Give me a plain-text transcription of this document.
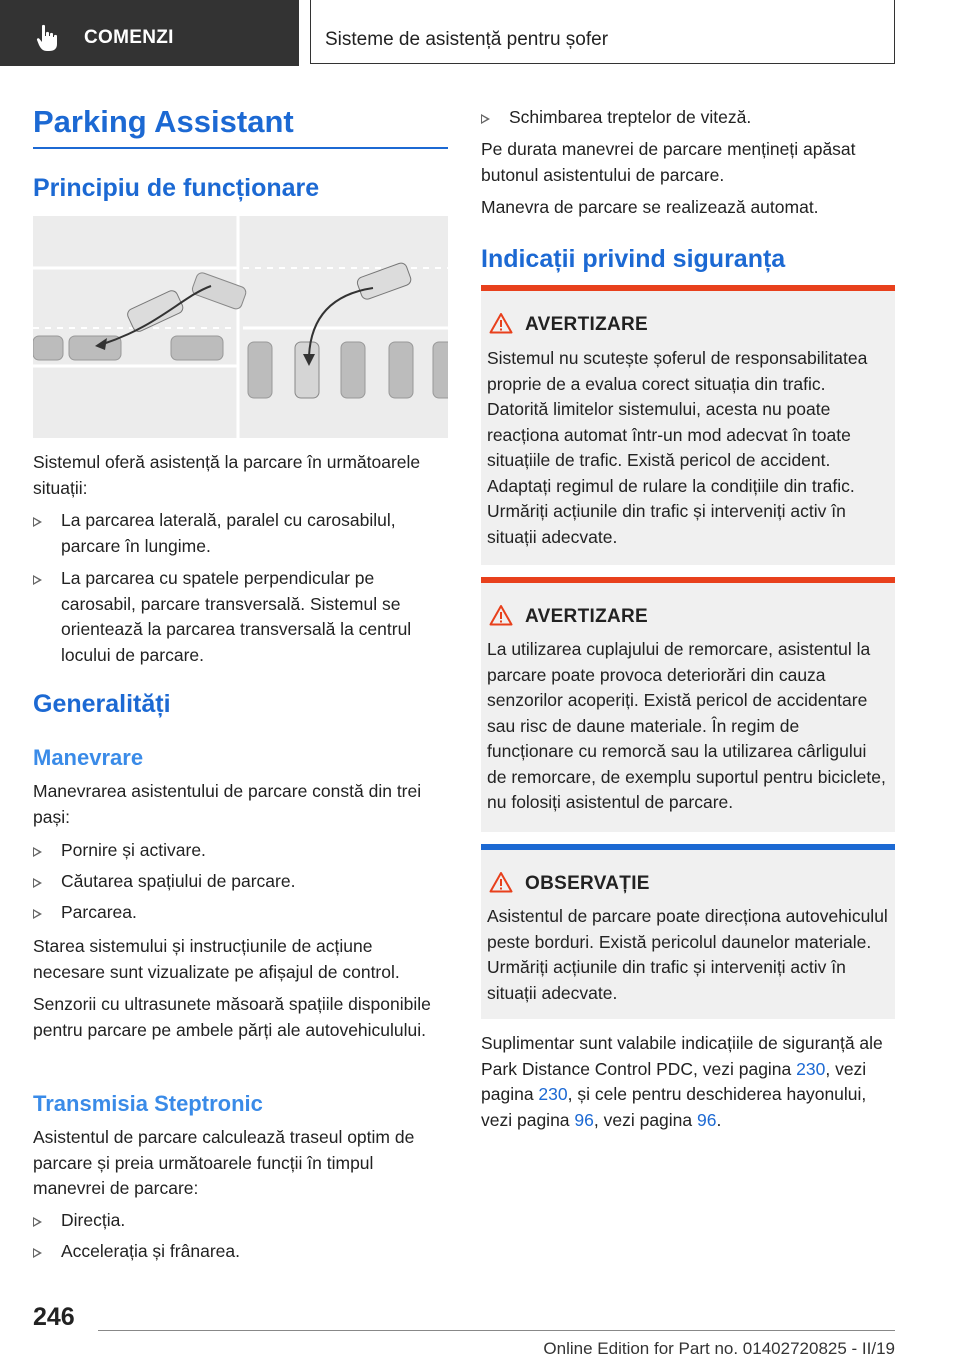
COMENZI	Sisteme de asistență pentru șofer
Parking Assistant
Principiu de funcționare
Sistemul oferă asistență la parcare în următoarele situații:
La parcarea laterală, paralel cu carosabilul, parcare în lungime.
La parcarea cu spatele perpendicular pe carosabil, parcare transversală. Sistemul se orientează la parcarea transversală la centrul locului de parcare.
Generalități
Manevrare
Manevrarea asistentului de parcare constă din trei pași:
Pornire și activare.
Căutarea spațiului de parcare.
Parcarea.
Starea sistemului și instrucțiunile de acțiune necesare sunt vizualizate pe afișajul de control.
Senzorii cu ultrasunete măsoară spațiile disponibile pentru parcare pe ambele părți ale autovehiculului.
Transmisia Steptronic
Asistentul de parcare calculează traseul optim de parcare și preia următoarele funcții în timpul manevrei de parcare:
Direcția.
Accelerația și frânarea.
Schimbarea treptelor de viteză.
Pe durata manevrei de parcare mențineți apăsat butonul asistentului de parcare.
Manevra de parcare se realizează automat.
Indicații privind siguranța
AVERTIZARE
Sistemul nu scutește șoferul de responsabilitatea proprie de a evalua corect situația din trafic. Datorită limitelor sistemului, acesta nu poate reacționa automat într-un mod adecvat în toate situațiile de trafic. Există pericol de accident. Adaptați regimul de rulare la condițiile din trafic. Urmăriți acțiunile din trafic și interveniți activ în situații adecvate.
AVERTIZARE
La utilizarea cuplajului de remorcare, asistentul la parcare poate provoca deteriorări din cauza senzorilor acoperiți. Există pericol de accidentare sau risc de daune materiale. În regim de funcționare cu remorcă sau la utilizarea cârligului de remorcare, de exemplu suportul pentru biciclete, nu folosiți asistentul de parcare.
OBSERVAȚIE
Asistentul de parcare poate direcționa autovehiculul peste borduri. Există pericolul daunelor materiale. Urmăriți acțiunile din trafic și interveniți activ în situații adecvate.
Suplimentar sunt valabile indicațiile de siguranță ale Park Distance Control PDC, vezi pagina 230, vezi pagina 230, și cele pentru deschiderea hayonului, vezi pagina 96, vezi pagina 96.
246
Online Edition for Part no. 01402720825 - II/19
